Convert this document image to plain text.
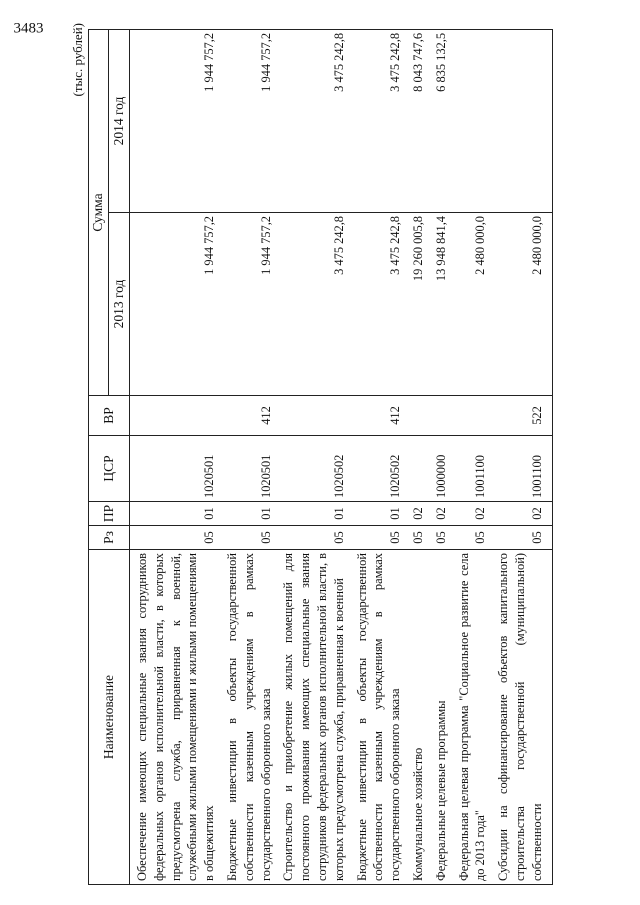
3483 (тыс. рублей)
Наименование	Рз	ПР	ЦСР	ВР	Сумма	
					2013 год	2014 год
Обеспечение имеющих специальные звания сотрудников федеральных органов исполнительной власти, в которых предусмотрена служба, приравненная к военной, служебными жилыми помещениями и жилыми помещениями в общежитиях	05	01	1020501		1 944 757,2	1 944 757,2
Бюджетные инвестиции в объекты государственной собственности казенным учреждениям в рамках государственного оборонного заказа	05	01	1020501	412	1 944 757,2	1 944 757,2
Строительство и приобретение жилых помещений для постоянного проживания имеющих специальные звания сотрудников федеральных органов исполнительной власти, в которых предусмотрена служба, приравненная к военной	05	01	1020502		3 475 242,8	3 475 242,8
Бюджетные инвестиции в объекты государственной собственности казенным учреждениям в рамках государственного оборонного заказа	05	01	1020502	412	3 475 242,8	3 475 242,8
Коммунальное хозяйство	05	02			19 260 005,8	8 043 747,6
Федеральные целевые программы	05	02	1000000		13 948 841,4	6 835 132,5
Федеральная целевая программа "Социальное развитие села до 2013 года"	05	02	1001100		2 480 000,0	
Субсидии на софинансирование объектов капитального строительства государственной (муниципальной) собственности	05	02	1001100	522	2 480 000,0	
